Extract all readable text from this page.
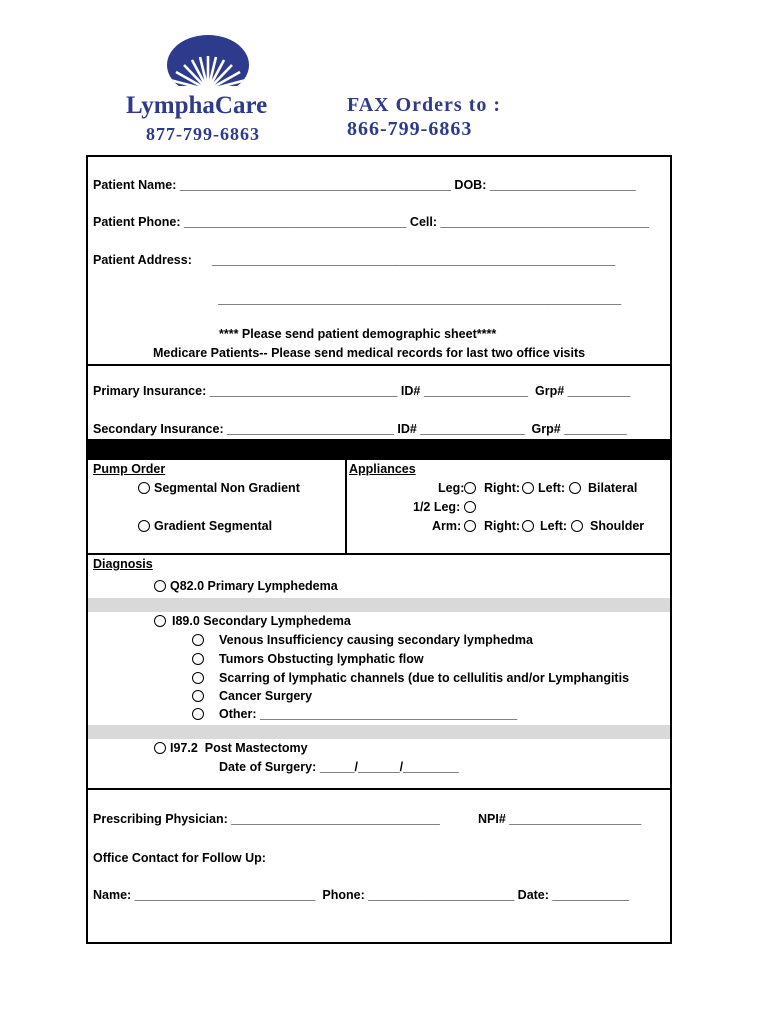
LymphaCare
877-799-6863
FAX Orders to :
866-799-6863
Patient Name: _______________________________________ DOB: _____________________
Patient Phone: ________________________________ Cell: ______________________________
Patient Address: __________________________________________________________
__________________________________________________________
**** Please send patient demographic sheet****
Medicare Patients-- Please send medical records for last two office visits
Primary Insurance: ___________________________ ID# _______________  Grp# _________
Secondary Insurance: ________________________ ID# _______________  Grp# _________
Pump Order
Segmental Non Gradient
Gradient Segmental
Appliances
Leg: Right: Left: Bilateral
1/2 Leg:
Arm: Right: Left: Shoulder
Diagnosis
Q82.0 Primary Lymphedema
I89.0 Secondary Lymphedema
Venous Insufficiency causing secondary lymphedma
Tumors Obstucting lymphatic flow
Scarring of lymphatic channels (due to cellulitis and/or Lymphangitis
Cancer Surgery
Other: _____________________________________
I97.2  Post Mastectomy
Date of Surgery: _____/______/________
Prescribing Physician: ______________________________	NPI# ___________________
Office Contact for Follow Up:
Name: __________________________  Phone: _____________________ Date: ___________
